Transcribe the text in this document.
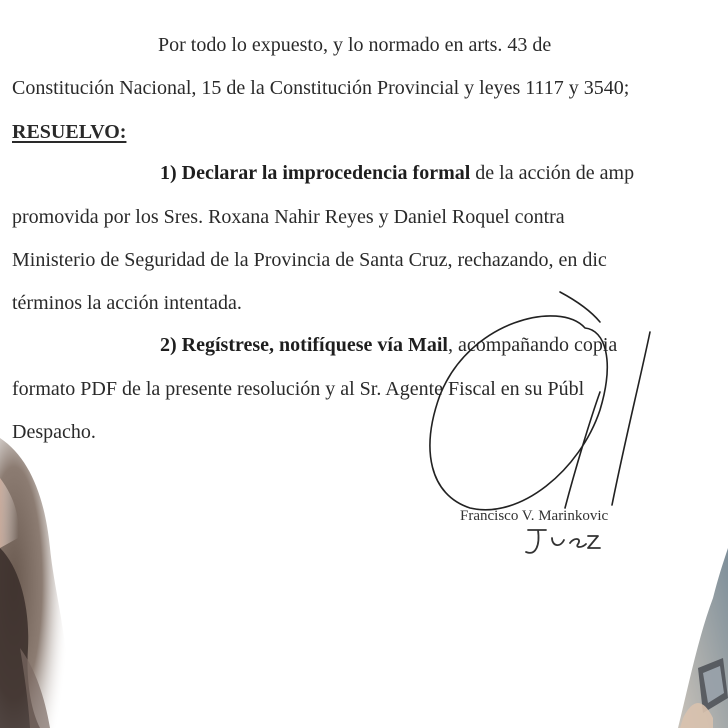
Por todo lo expuesto, y lo normado en arts. 43 de
Constitución Nacional, 15 de la Constitución Provincial y leyes 1117 y 3540;
RESUELVO:
1) Declarar la improcedencia formal de la acción de amp
promovida por los Sres. Roxana Nahir Reyes y Daniel Roquel contra
Ministerio de Seguridad de la Provincia de Santa Cruz, rechazando, en dic
términos la acción intentada.
2) Regístrese, notifíquese vía Mail, acompañando copia
formato PDF de la presente resolución y al Sr. Agente Fiscal en su Públ
Despacho.
Francisco V. Marinkovic
